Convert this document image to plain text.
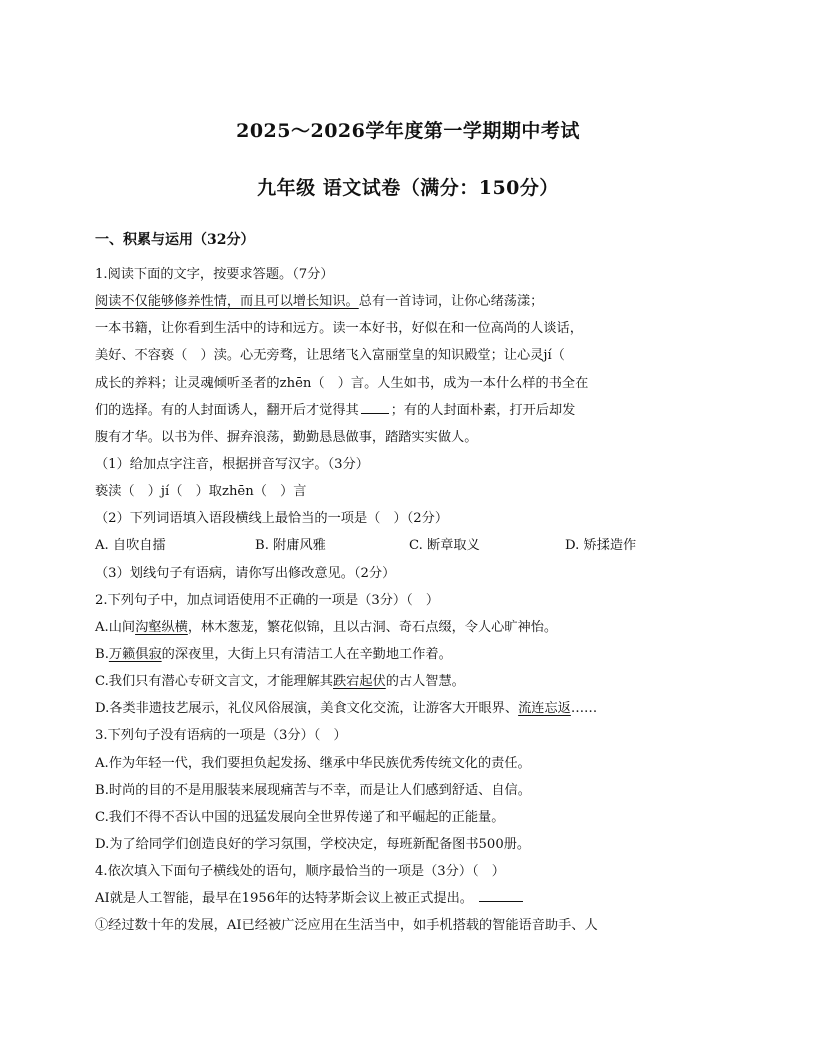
2025～2026学年度第一学期期中考试
九年级 语文试卷（满分：150分）
一、积累与运用（32分）
1.阅读下面的文字，按要求答题。（7分）
阅读不仅能够修养性情，而且可以增长知识。总有一首诗词，让你心绪荡漾；
一本书籍，让你看到生活中的诗和远方。读一本好书，好似在和一位高尚的人谈话，
美好、不容亵（　）渎。心无旁骛，让思绪飞入富丽堂皇的知识殿堂；让心灵jí（
成长的养料；让灵魂倾听圣者的zhēn（　）言。人生如书，成为一本什么样的书全在
们的选择。有的人封面诱人，翻开后才觉得其 ；有的人封面朴素，打开后却发
腹有才华。以书为伴、摒弃浪荡，勤勤恳恳做事，踏踏实实做人。
（1）给加点字注音，根据拼音写汉字。（3分）
亵渎（　）jí（　）取zhēn（　）言
（2）下列词语填入语段横线上最恰当的一项是（　）（2分）
A. 自吹自擂	B. 附庸风雅	C. 断章取义	D. 矫揉造作
（3）划线句子有语病，请你写出修改意见。（2分）
2.下列句子中，加点词语使用不正确的一项是（3分）（　）
A.山间沟壑纵横，林木葱茏，繁花似锦，且以古洞、奇石点缀，令人心旷神怡。
B.万籁俱寂的深夜里，大街上只有清洁工人在辛勤地工作着。
C.我们只有潜心专研文言文，才能理解其跌宕起伏的古人智慧。
D.各类非遗技艺展示，礼仪风俗展演，美食文化交流，让游客大开眼界、流连忘返……
3.下列句子没有语病的一项是（3分）（　）
A.作为年轻一代，我们要担负起发扬、继承中华民族优秀传统文化的责任。
B.时尚的目的不是用服装来展现痛苦与不幸，而是让人们感到舒适、自信。
C.我们不得不否认中国的迅猛发展向全世界传递了和平崛起的正能量。
D.为了给同学们创造良好的学习氛围，学校决定，每班新配备图书500册。
4.依次填入下面句子横线处的语句，顺序最恰当的一项是（3分）（　）
AI就是人工智能，最早在1956年的达特茅斯会议上被正式提出。
①经过数十年的发展，AI已经被广泛应用在生活当中，如手机搭载的智能语音助手、人
